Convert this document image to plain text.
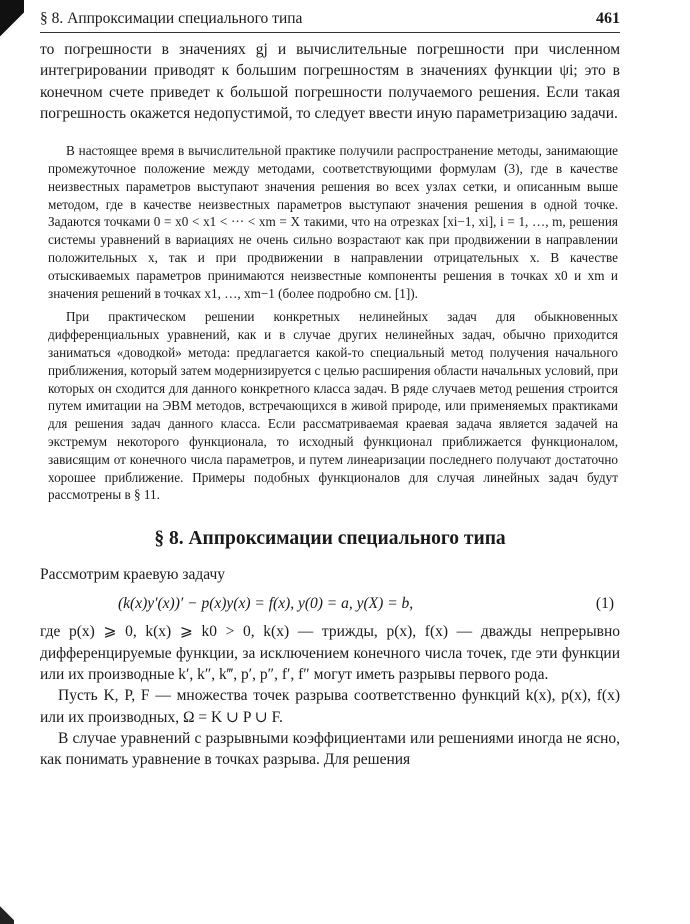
§ 8. Аппроксимации специального типа	461

то погрешности в значениях gj и вычислительные погрешности при численном интегрировании приводят к большим погрешностям в значениях функции ψi; это в конечном счете приведет к большой погрешности получаемого решения. Если такая погрешность окажется недопустимой, то следует ввести иную параметризацию задачи.

В настоящее время в вычислительной практике получили распространение методы, занимающие промежуточное положение между методами, соответствующими формулам (3), где в качестве неизвестных параметров выступают значения решения во всех узлах сетки, и описанным выше методом, где в качестве неизвестных параметров выступают значения решения в одной точке. Задаются точками 0 = x0 < x1 < ··· < xm = X такими, что на отрезках [xi−1, xi], i = 1, …, m, решения системы уравнений в вариациях не очень сильно возрастают как при продвижении в направлении положительных x, так и при продвижении в направлении отрицательных x. В качестве отыскиваемых параметров принимаются неизвестные компоненты решения в точках x0 и xm и значения решений в точках x1, …, xm−1 (более подробно см. [1]).

При практическом решении конкретных нелинейных задач для обыкновенных дифференциальных уравнений, как и в случае других нелинейных задач, обычно приходится заниматься «доводкой» метода: предлагается какой-то специальный метод получения начального приближения, который затем модернизируется с целью расширения области начальных условий, при которых он сходится для данного конкретного класса задач. В ряде случаев метод решения строится путем имитации на ЭВМ методов, встречающихся в живой природе, или применяемых практиками для решения задач данного класса. Если рассматриваемая краевая задача является задачей на экстремум некоторого функционала, то исходный функционал приближается функционалом, зависящим от конечного числа параметров, и путем линеаризации последнего получают достаточно хорошее приближение. Примеры подобных функционалов для случая линейных задач будут рассмотрены в § 11.

§ 8. Аппроксимации специального типа

Рассмотрим краевую задачу

(k(x)y′(x))′ − p(x)y(x) = f(x), y(0) = a, y(X) = b,	(1)

где p(x) ⩾ 0, k(x) ⩾ k0 > 0, k(x) — трижды, p(x), f(x) — дважды непрерывно дифференцируемые функции, за исключением конечного числа точек, где эти функции или их производные k′, k″, k‴, p′, p″, f′, f″ могут иметь разрывы первого рода.

Пусть K, P, F — множества точек разрыва соответственно функций k(x), p(x), f(x) или их производных, Ω = K ∪ P ∪ F.

В случае уравнений с разрывными коэффициентами или решениями иногда не ясно, как понимать уравнение в точках разрыва. Для решения
